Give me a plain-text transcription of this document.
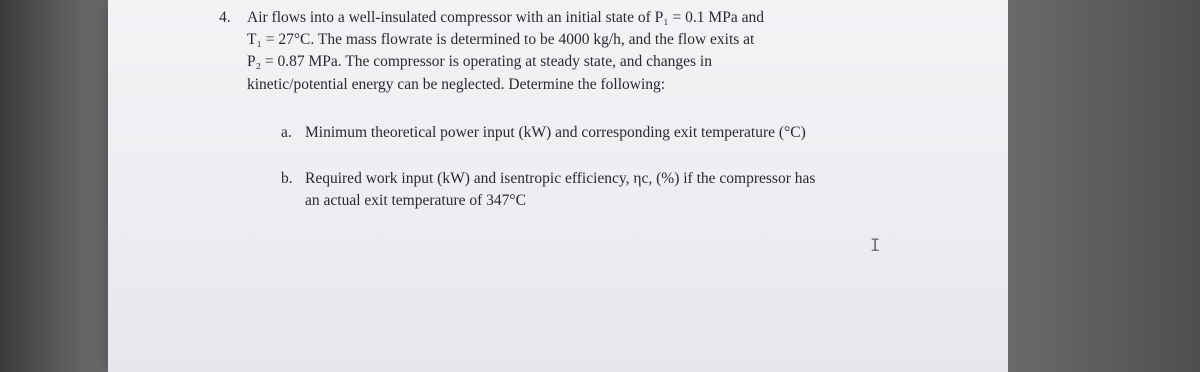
4. Air flows into a well-insulated compressor with an initial state of P₁ = 0.1 MPa and
T₁ = 27°C. The mass flowrate is determined to be 4000 kg/h, and the flow exits at
P₂ = 0.87 MPa. The compressor is operating at steady state, and changes in
kinetic/potential energy can be neglected. Determine the following:
a. Minimum theoretical power input (kW) and corresponding exit temperature (°C)
b. Required work input (kW) and isentropic efficiency, ηc, (%) if the compressor has
an actual exit temperature of 347°C
I
